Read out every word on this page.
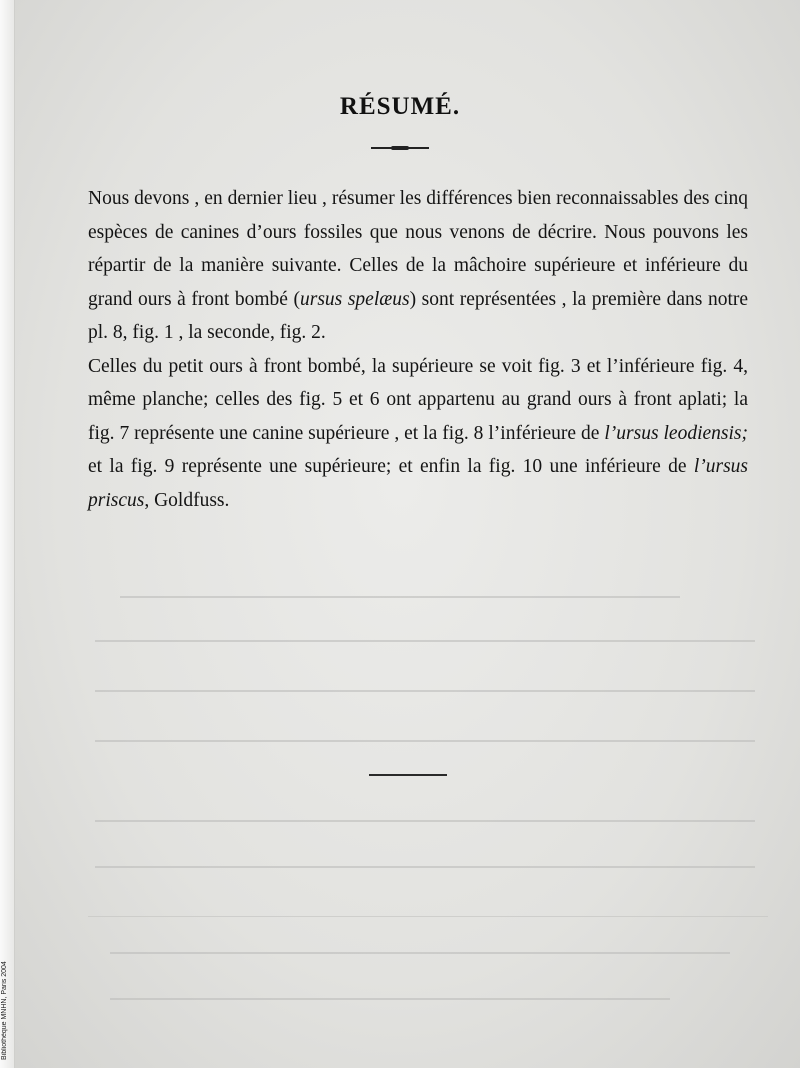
RÉSUMÉ.

Nous devons , en dernier lieu , résumer les différences bien reconnaissables des cinq espèces de canines d’ours fossiles que nous venons de décrire. Nous pouvons les répartir de la manière suivante. Celles de la mâchoire supérieure et inférieure du grand ours à front bombé (ursus spelæus) sont représentées , la première dans notre pl. 8, fig. 1 , la seconde, fig. 2.

Celles du petit ours à front bombé, la supérieure se voit fig. 3 et l’inférieure fig. 4, même planche; celles des fig. 5 et 6 ont appartenu au grand ours à front aplati; la fig. 7 représente une canine supérieure , et la fig. 8 l’inférieure de l’ursus leodiensis; et la fig. 9 représente une supérieure; et enfin la fig. 10 une inférieure de l’ursus priscus, Goldfuss.

Bibliothèque MNHN, Paris 2004
